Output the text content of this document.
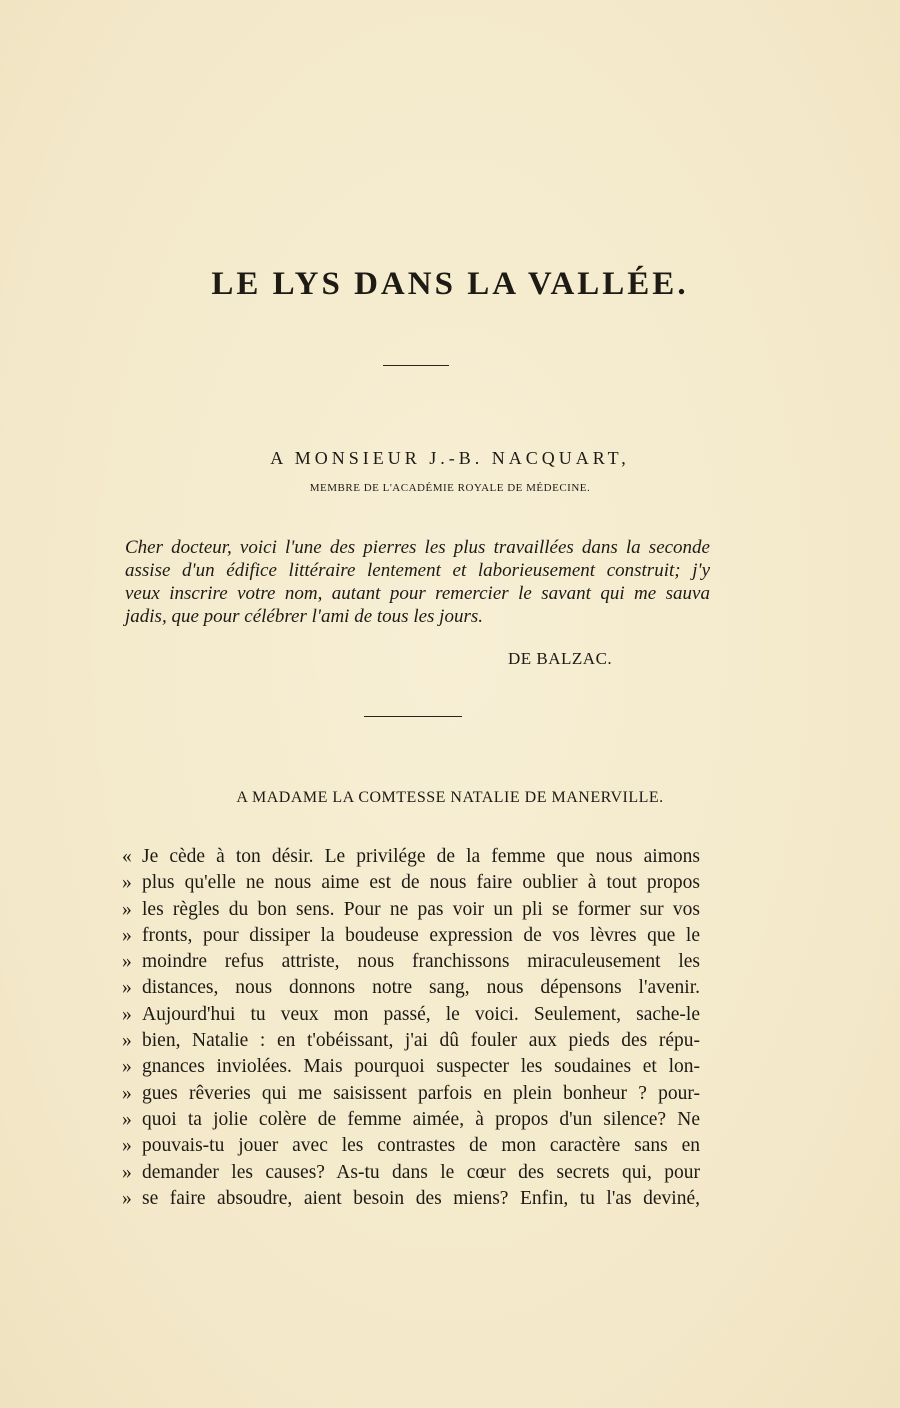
LE LYS DANS LA VALLÉE.
A MONSIEUR J.-B. NACQUART,
MEMBRE DE L'ACADÉMIE ROYALE DE MÉDECINE.
Cher docteur, voici l'une des pierres les plus travaillées dans la seconde
assise d'un édifice littéraire lentement et laborieusement construit; j'y
veux inscrire votre nom, autant pour remercier le savant qui me sauva
jadis, que pour célébrer l'ami de tous les jours.
DE BALZAC.
A MADAME LA COMTESSE NATALIE DE MANERVILLE.
« Je cède à ton désir. Le privilége de la femme que nous aimons
» plus qu'elle ne nous aime est de nous faire oublier à tout propos
» les règles du bon sens. Pour ne pas voir un pli se former sur vos
» fronts, pour dissiper la boudeuse expression de vos lèvres que le
» moindre refus attriste, nous franchissons miraculeusement les
» distances, nous donnons notre sang, nous dépensons l'avenir.
» Aujourd'hui tu veux mon passé, le voici. Seulement, sache-le
» bien, Natalie : en t'obéissant, j'ai dû fouler aux pieds des répu-
» gnances inviolées. Mais pourquoi suspecter les soudaines et lon-
» gues rêveries qui me saisissent parfois en plein bonheur ? pour-
» quoi ta jolie colère de femme aimée, à propos d'un silence? Ne
» pouvais-tu jouer avec les contrastes de mon caractère sans en
» demander les causes? As-tu dans le cœur des secrets qui, pour
» se faire absoudre, aient besoin des miens? Enfin, tu l'as deviné,
